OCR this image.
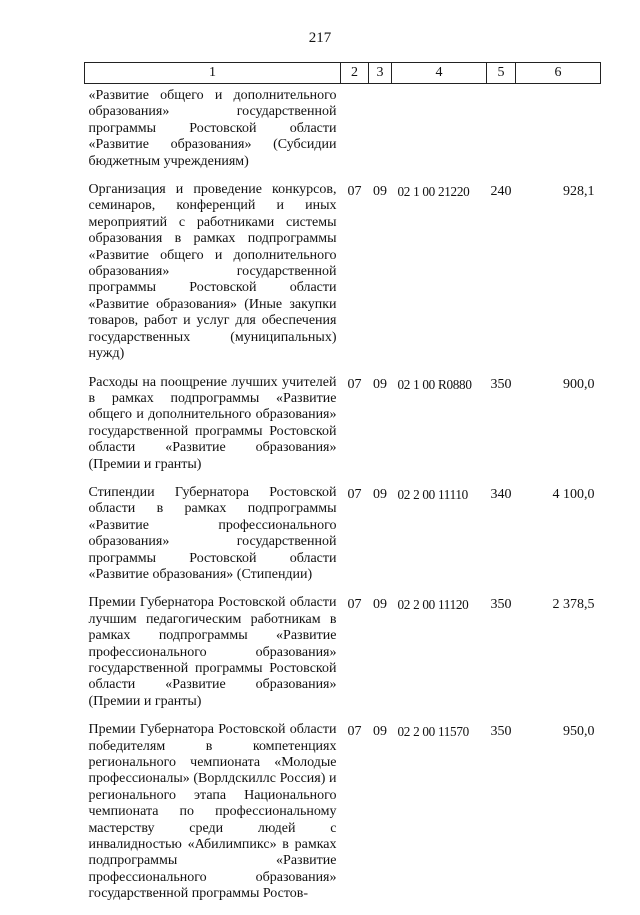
217
1	2	3	4	5	6
«Развитие общего и дополнительного образования» государственной программы Ростовской области «Развитие образования» (Субсидии бюджетным учреждениям)					
Организация и проведение конкурсов, семинаров, конференций и иных мероприятий с работниками системы образования в рамках подпрограммы «Развитие общего и дополнительного образования» государственной программы Ростовской области «Развитие образования» (Иные закупки товаров, работ и услуг для обеспечения государственных (муниципальных) нужд)	07	09	02 1 00 21220	240	928,1
Расходы на поощрение лучших учителей в рамках подпрограммы «Развитие общего и дополнительного образования» государственной программы Ростовской области «Развитие образования» (Премии и гранты)	07	09	02 1 00 R0880	350	900,0
Стипендии Губернатора Ростовской области в рамках подпрограммы «Развитие профессионального образования» государственной программы Ростовской области «Развитие образования» (Стипендии)	07	09	02 2 00 11110	340	4 100,0
Премии Губернатора Ростовской области лучшим педагогическим работникам в рамках подпрограммы «Развитие профессионального образования» государственной программы Ростовской области «Развитие образования» (Премии и гранты)	07	09	02 2 00 11120	350	2 378,5
Премии Губернатора Ростовской области победителям в компетенциях регионального чемпионата «Молодые профессионалы» (Ворлдскиллс Россия) и регионального этапа Национального чемпионата по профессиональному мастерству среди людей с инвалидностью «Абилимпикс» в рамках подпрограммы «Развитие профессионального образования» государственной программы Ростов-	07	09	02 2 00 11570	350	950,0
